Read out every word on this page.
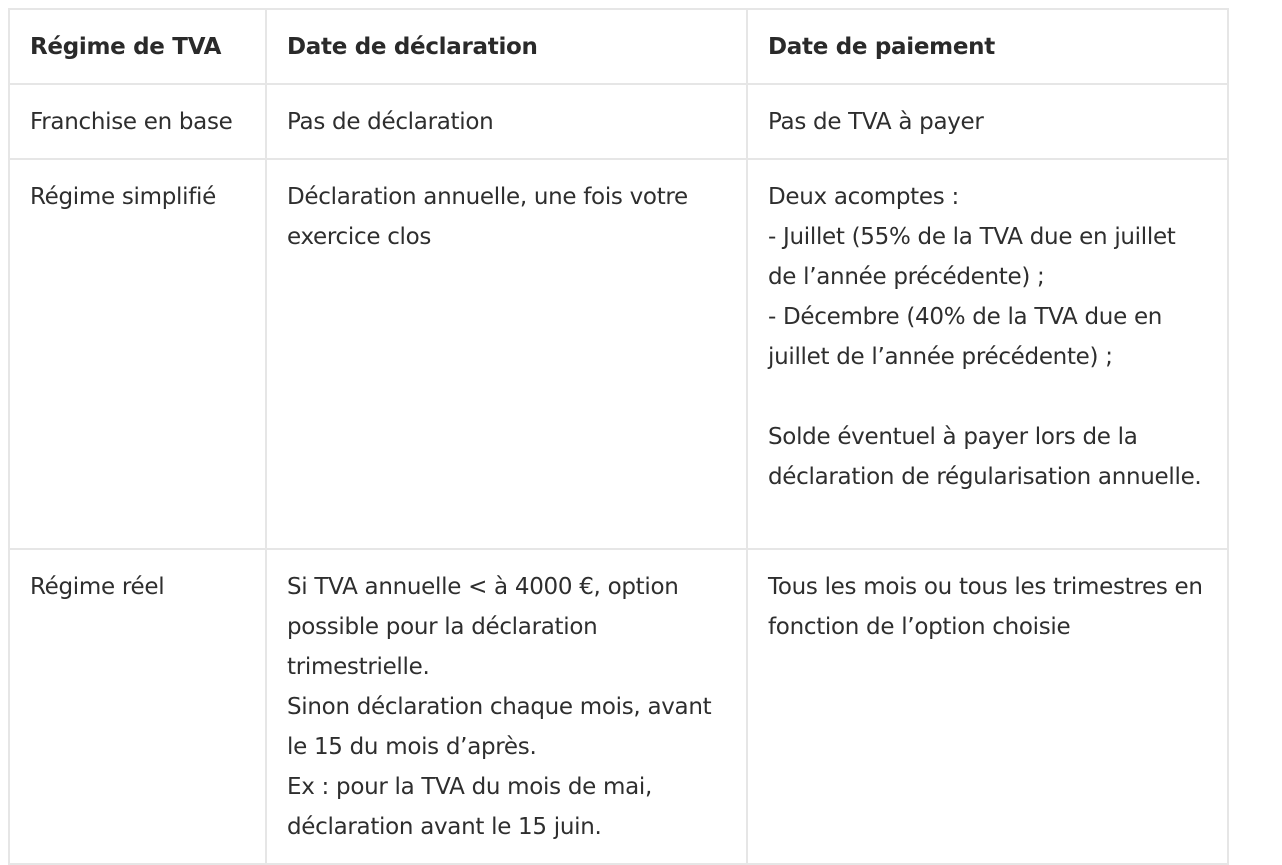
Régime de TVA	Date de déclaration	Date de paiement
Franchise en base	Pas de déclaration	Pas de TVA à payer

Régime simplifié	Déclaration annuelle, une fois votre exercice clos	Deux acomptes :
- Juillet (55% de la TVA due en juillet de l’année précédente) ;
- Décembre (40% de la TVA due en juillet de l’année précédente) ;
Solde éventuel à payer lors de la déclaration de régularisation annuelle.

Régime réel	Si TVA annuelle < à 4000 €, option possible pour la déclaration trimestrielle.
Sinon déclaration chaque mois, avant le 15 du mois d’après.
Ex : pour la TVA du mois de mai, déclaration avant le 15 juin.	Tous les mois ou tous les trimestres en fonction de l’option choisie
